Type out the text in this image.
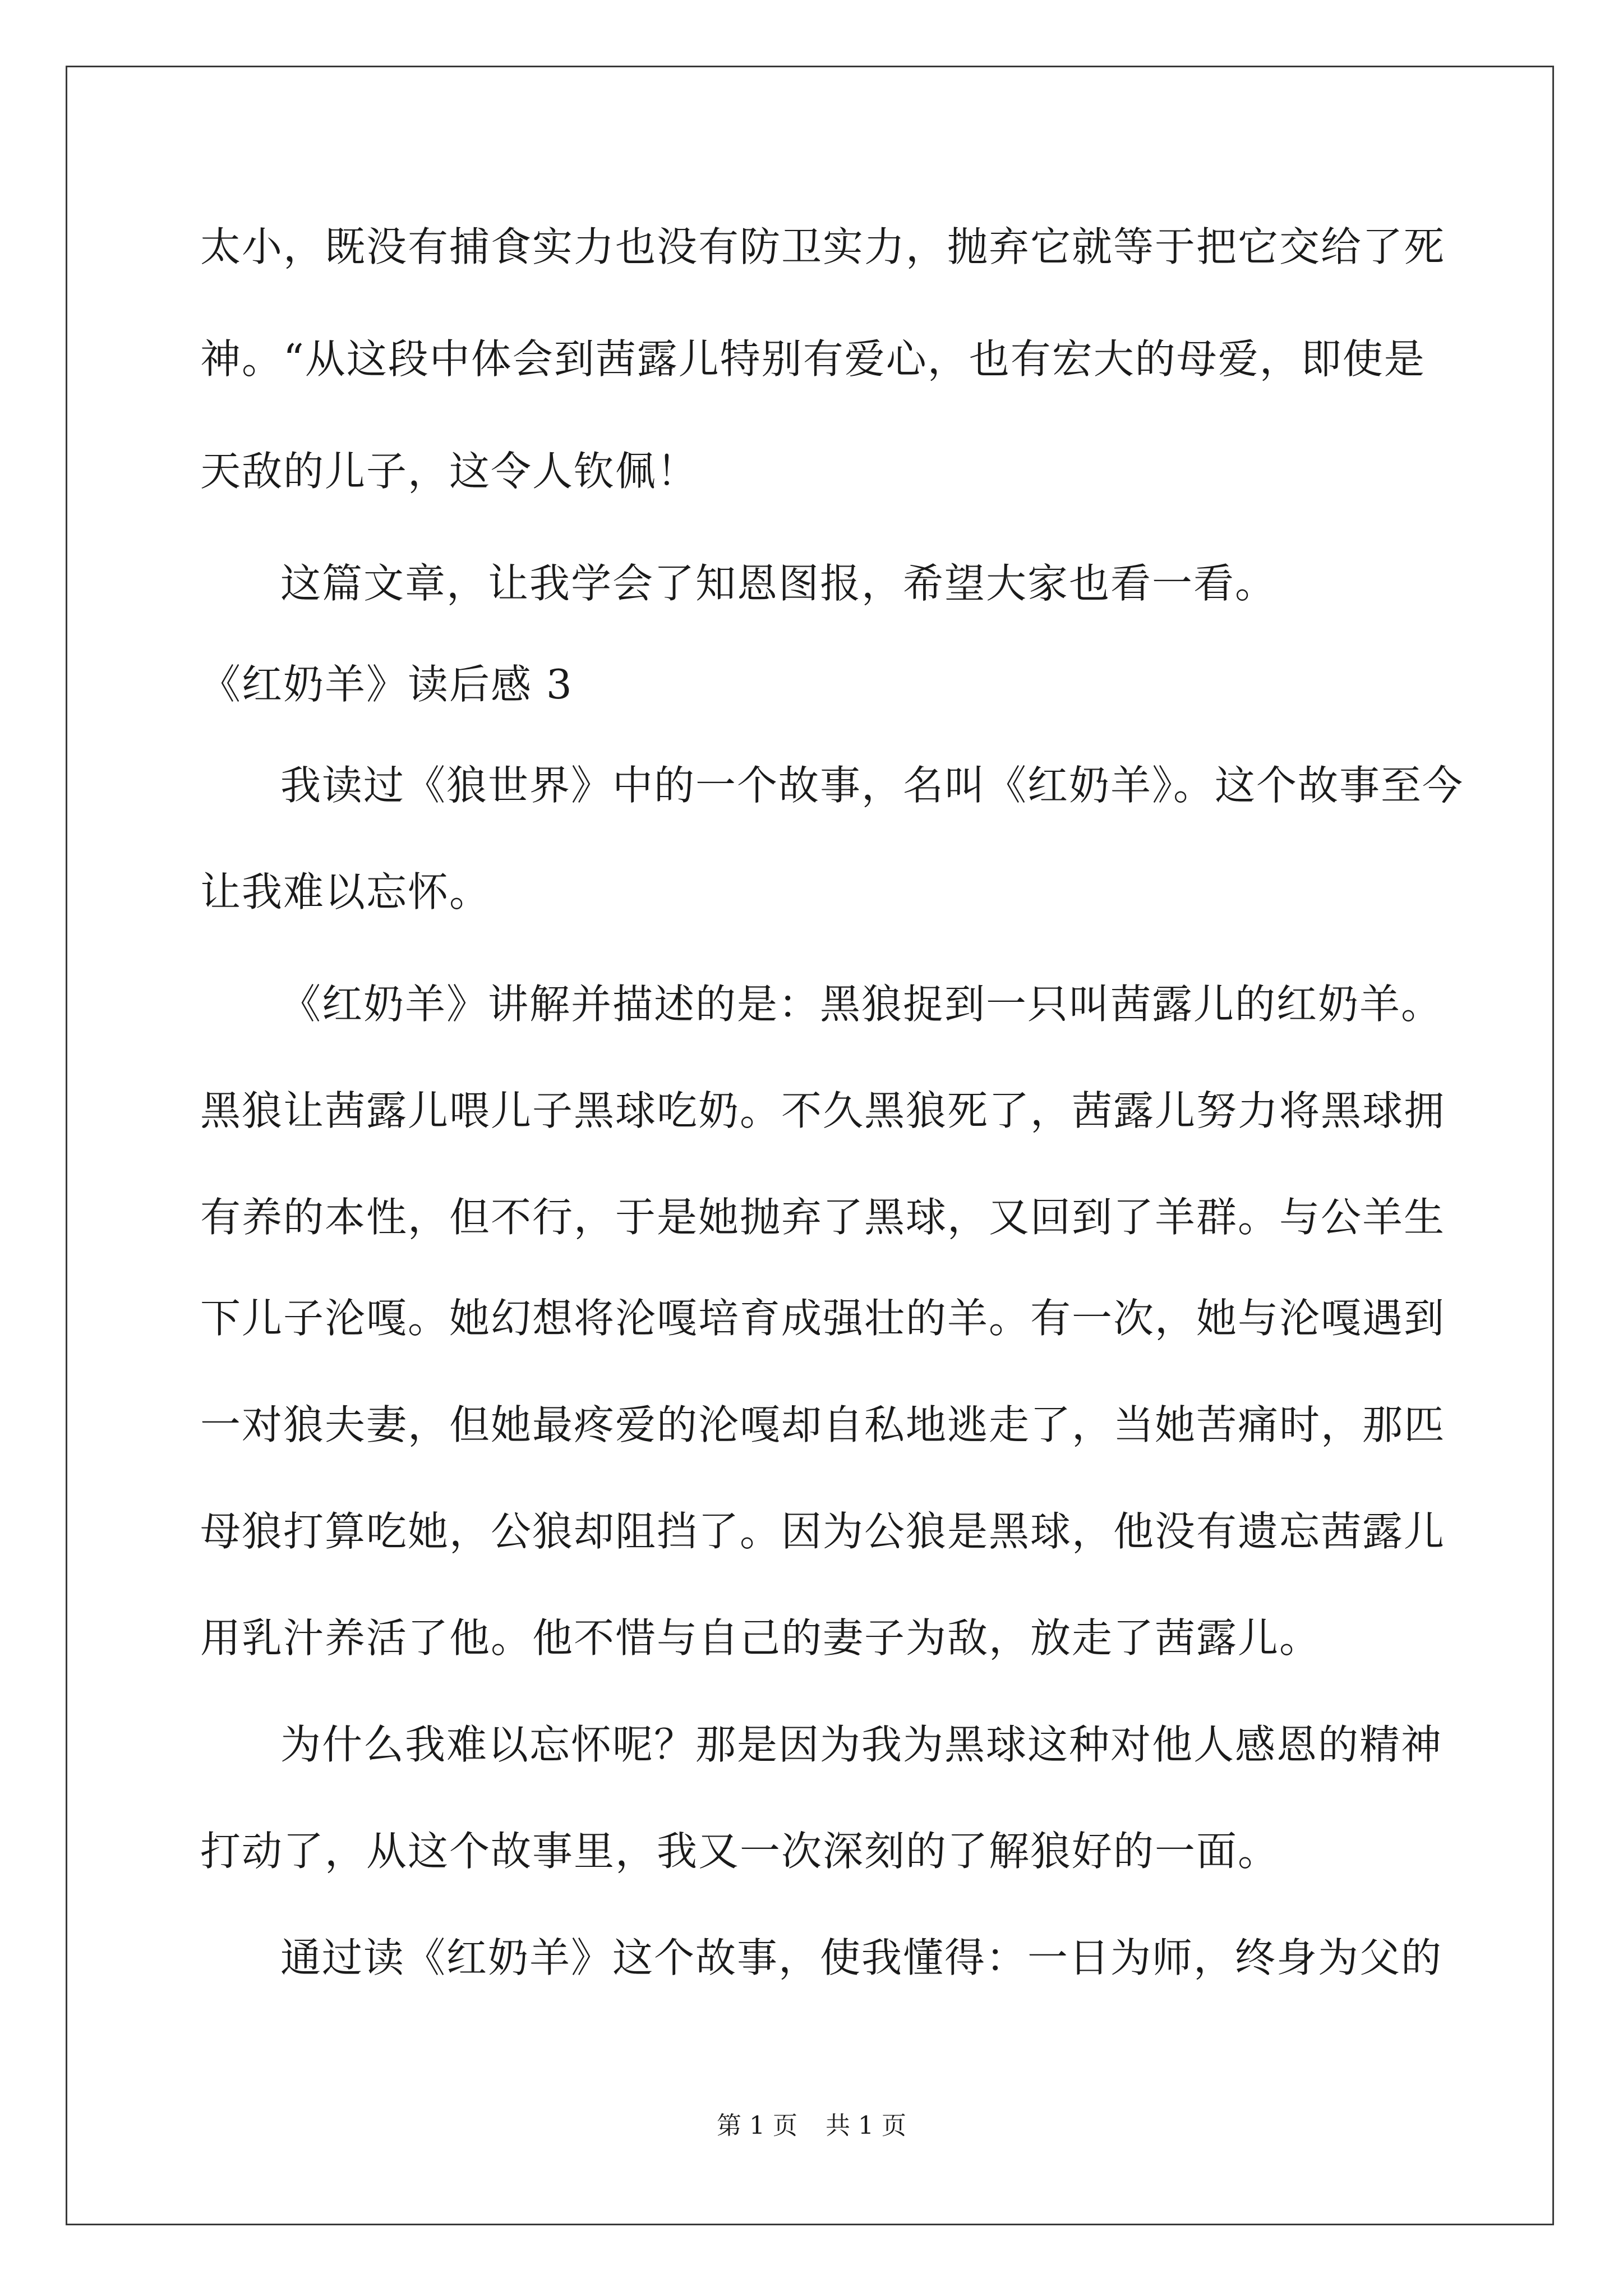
太小，既没有捕食实力也没有防卫实力，抛弃它就等于把它交给了死
神。“从这段中体会到茜露儿特别有爱心，也有宏大的母爱，即使是
天敌的儿子，这令人钦佩！
这篇文章，让我学会了知恩图报，希望大家也看一看。
《红奶羊》读后感 3
我读过《狼世界》中的一个故事，名叫《红奶羊》。这个故事至今
让我难以忘怀。
《红奶羊》讲解并描述的是：黑狼捉到一只叫茜露儿的红奶羊。
黑狼让茜露儿喂儿子黑球吃奶。不久黑狼死了，茜露儿努力将黑球拥
有养的本性，但不行，于是她抛弃了黑球，又回到了羊群。与公羊生
下儿子沦嘎。她幻想将沦嘎培育成强壮的羊。有一次，她与沦嘎遇到
一对狼夫妻，但她最疼爱的沦嘎却自私地逃走了，当她苦痛时，那匹
母狼打算吃她，公狼却阻挡了。因为公狼是黑球，他没有遗忘茜露儿
用乳汁养活了他。他不惜与自己的妻子为敌，放走了茜露儿。
为什么我难以忘怀呢？那是因为我为黑球这种对他人感恩的精神
打动了，从这个故事里，我又一次深刻的了解狼好的一面。
通过读《红奶羊》这个故事，使我懂得：一日为师，终身为父的
第 1 页 共 1 页
